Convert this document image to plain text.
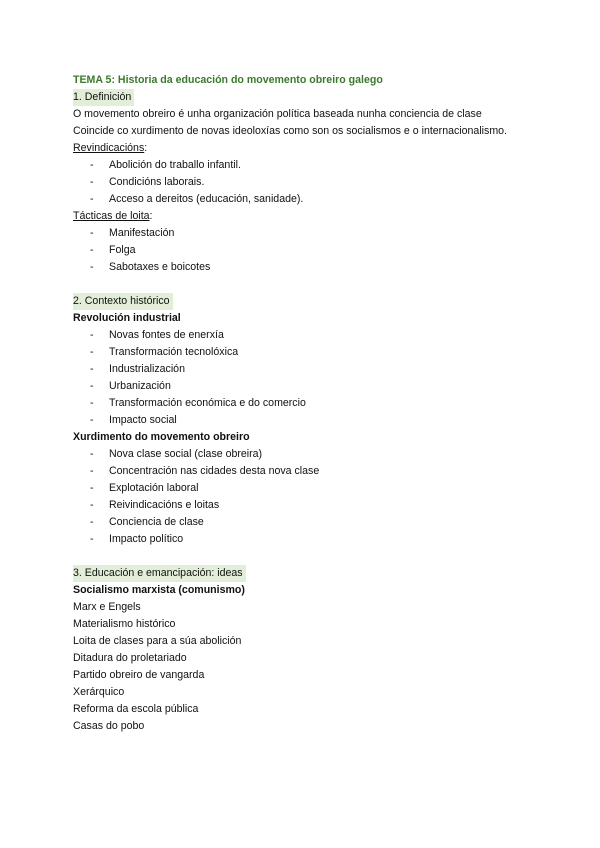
TEMA 5: Historia da educación do movemento obreiro galego
1. Definición
O movemento obreiro é unha organización política baseada nunha conciencia de clase
Coincide co xurdimento de novas ideoloxías como son os socialismos e o internacionalismo.
Revindicacións:
- Abolición do traballo infantil.
- Condicións laborais.
- Acceso a dereitos (educación, sanidade).
Tácticas de loita:
- Manifestación
- Folga
- Sabotaxes e boicotes
2. Contexto histórico
Revolución industrial
- Novas fontes de enerxía
- Transformación tecnolóxica
- Industrialización
- Urbanización
- Transformación económica e do comercio
- Impacto social
Xurdimento do movemento obreiro
- Nova clase social (clase obreira)
- Concentración nas cidades desta nova clase
- Explotación laboral
- Reivindicacións e loitas
- Conciencia de clase
- Impacto político
3. Educación e emancipación: ideas
Socialismo marxista (comunismo)
Marx e Engels
Materialismo histórico
Loita de clases para a súa abolición
Ditadura do proletariado
Partido obreiro de vangarda
Xerárquico
Reforma da escola pública
Casas do pobo
